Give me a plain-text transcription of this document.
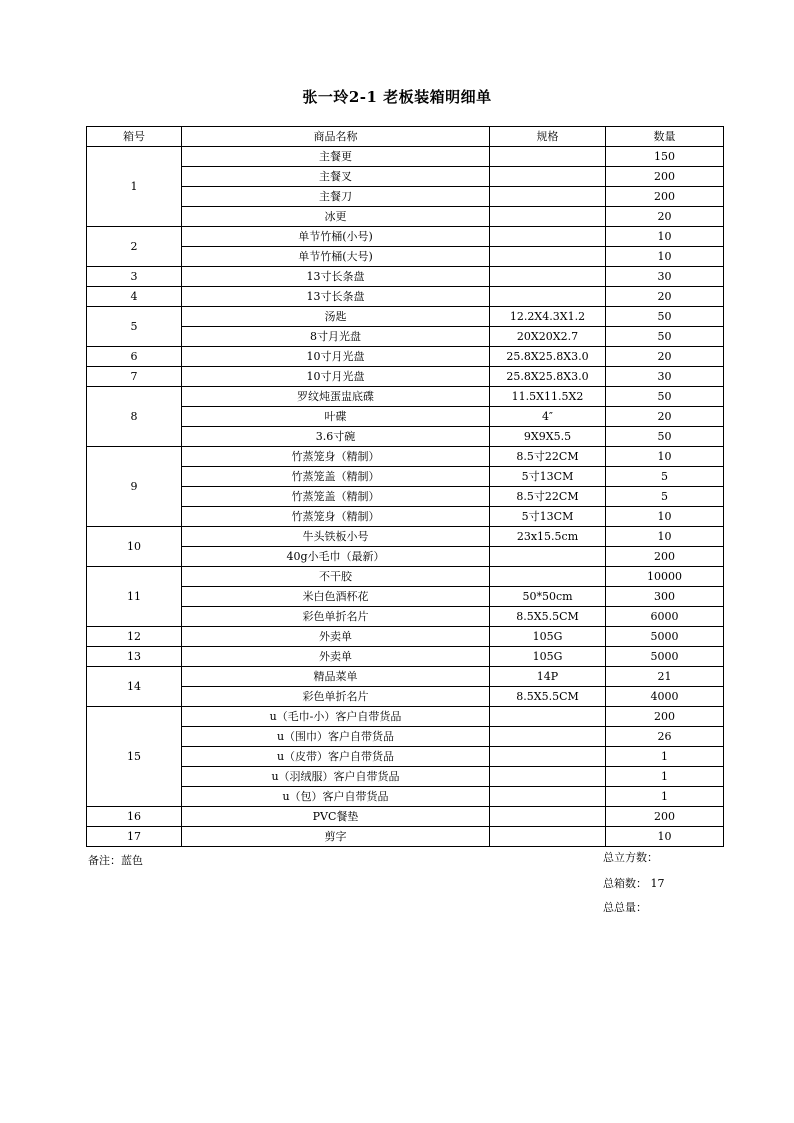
张一玲2-1 老板装箱明细单
箱号	商品名称	规格	数量
1	主餐更		150
	主餐叉		200
	主餐刀		200
	冰更		20
2	单节竹桶(小号)		10
	单节竹桶(大号)		10
3	13寸长条盘		30
4	13寸长条盘		20
5	汤匙	12.2X4.3X1.2	50
	8寸月光盘	20X20X2.7	50
6	10寸月光盘	25.8X25.8X3.0	20
7	10寸月光盘	25.8X25.8X3.0	30
8	罗纹炖蛋盅底碟	11.5X11.5X2	50
	叶碟	4″	20
	3.6寸碗	9X9X5.5	50
9	竹蒸笼身（精制）	8.5寸22CM	10
	竹蒸笼盖（精制）	5寸13CM	5
	竹蒸笼盖（精制）	8.5寸22CM	5
	竹蒸笼身（精制）	5寸13CM	10
10	牛头铁板小号	23x15.5cm	10
	40g小毛巾（最新）		200
11	不干胶		10000
	米白色酒杯花	50*50cm	300
	彩色单折名片	8.5X5.5CM	6000
12	外卖单	105G	5000
13	外卖单	105G	5000
14	精品菜单	14P	21
	彩色单折名片	8.5X5.5CM	4000
15	u（毛巾-小）客户自带货品		200
	u（围巾）客户自带货品		26
	u（皮带）客户自带货品		1
	u（羽绒服）客户自带货品		1
	u（包）客户自带货品		1
16	PVC餐垫		200
17	剪字		10
备注：蓝色	总立方数：
总箱数： 17
总总量：
